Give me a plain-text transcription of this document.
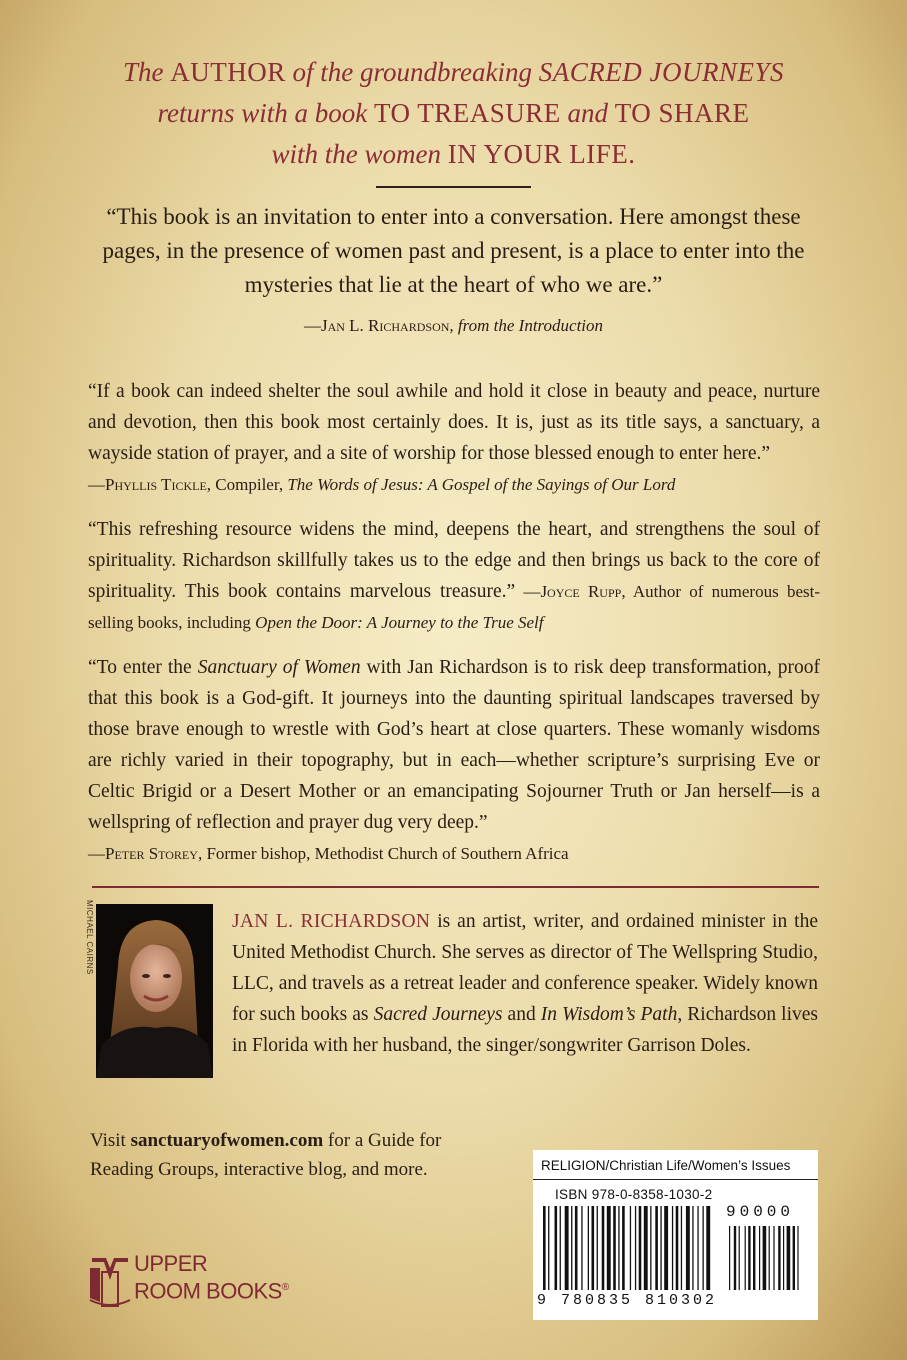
The AUTHOR of the groundbreaking SACRED JOURNEYS
returns with a book TO TREASURE and TO SHARE
with the women IN YOUR LIFE.
“This book is an invitation to enter into a conversation. Here amongst these pages, in the presence of women past and present, is a place to enter into the mysteries that lie at the heart of who we are.”
—Jan L. Richardson, from the Introduction
“If a book can indeed shelter the soul awhile and hold it close in beauty and peace, nurture and devotion, then this book most certainly does. It is, just as its title says, a sanctuary, a wayside station of prayer, and a site of worship for those blessed enough to enter here.”
—Phyllis Tickle, Compiler, The Words of Jesus: A Gospel of the Sayings of Our Lord
“This refreshing resource widens the mind, deepens the heart, and strengthens the soul of spirituality. Richardson skillfully takes us to the edge and then brings us back to the core of spirituality. This book contains marvelous treasure.” —Joyce Rupp, Author of numerous best-selling books, including Open the Door: A Journey to the True Self
“To enter the Sanctuary of Women with Jan Richardson is to risk deep transformation, proof that this book is a God-gift. It journeys into the daunting spiritual landscapes traversed by those brave enough to wrestle with God’s heart at close quarters. These womanly wisdoms are richly varied in their topography, but in each—whether scripture’s surprising Eve or Celtic Brigid or a Desert Mother or an emancipating Sojourner Truth or Jan herself—is a wellspring of reflection and prayer dug very deep.”
—Peter Storey, Former bishop, Methodist Church of Southern Africa
MICHAEL CAIRNS	JAN L. RICHARDSON is an artist, writer, and ordained minister in the United Methodist Church. She serves as director of The Wellspring Studio, LLC, and travels as a retreat leader and conference speaker. Widely known for such books as Sacred Journeys and In Wisdom’s Path, Richardson lives in Florida with her husband, the singer/songwriter Garrison Doles.
Visit sanctuaryofwomen.com for a Guide for Reading Groups, interactive blog, and more.
UPPER
ROOM BOOKS®
RELIGION/Christian Life/Women’s Issues
ISBN 978-0-8358-1030-2
90000
9 780835 810302
